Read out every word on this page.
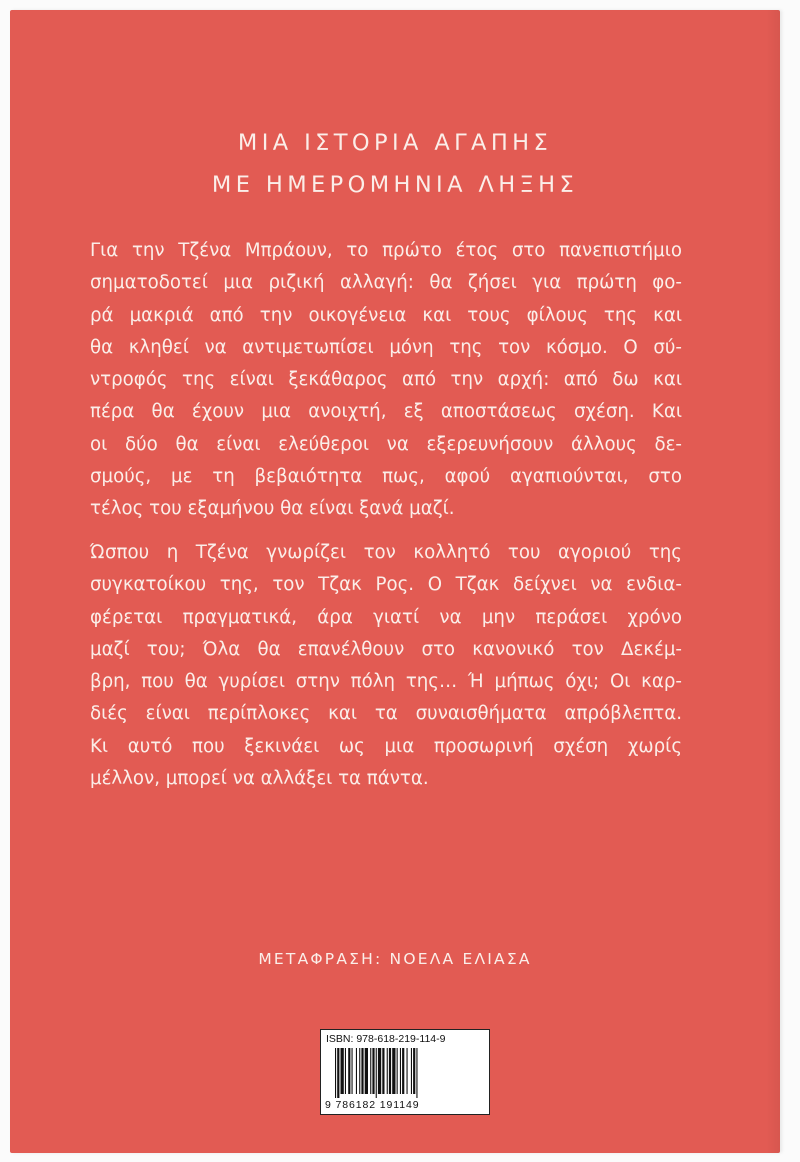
ΜΙΑ ΙΣΤΟΡΙΑ ΑΓΑΠΗΣ
ΜΕ ΗΜΕΡΟΜΗΝΙΑ ΛΗΞΗΣ
Για την Τζένα Μπράουν, το πρώτο έτος στο πανεπιστήμιο
σηματοδοτεί μια ριζική αλλαγή: θα ζήσει για πρώτη φο-
ρά μακριά από την οικογένεια και τους φίλους της και
θα κληθεί να αντιμετωπίσει μόνη της τον κόσμο. Ο σύ-
ντροφός της είναι ξεκάθαρος από την αρχή: από δω και
πέρα θα έχουν μια ανοιχτή, εξ αποστάσεως σχέση. Και
οι δύο θα είναι ελεύθεροι να εξερευνήσουν άλλους δε-
σμούς, με τη βεβαιότητα πως, αφού αγαπιούνται, στο
τέλος του εξαμήνου θα είναι ξανά μαζί.
Ώσπου η Τζένα γνωρίζει τον κολλητό του αγοριού της
συγκατοίκου της, τον Τζακ Ρος. Ο Τζακ δείχνει να ενδια-
φέρεται πραγματικά, άρα γιατί να μην περάσει χρόνο
μαζί του; Όλα θα επανέλθουν στο κανονικό τον Δεκέμ-
βρη, που θα γυρίσει στην πόλη της… Ή μήπως όχι; Οι καρ-
διές είναι περίπλοκες και τα συναισθήματα απρόβλεπτα.
Κι αυτό που ξεκινάει ως μια προσωρινή σχέση χωρίς
μέλλον, μπορεί να αλλάξει τα πάντα.
ΜΕΤΑΦΡΑΣΗ: ΝΟΕΛΑ ΕΛΙΑΣΑ
ISBN: 978-618-219-114-9
9 786182 191149
